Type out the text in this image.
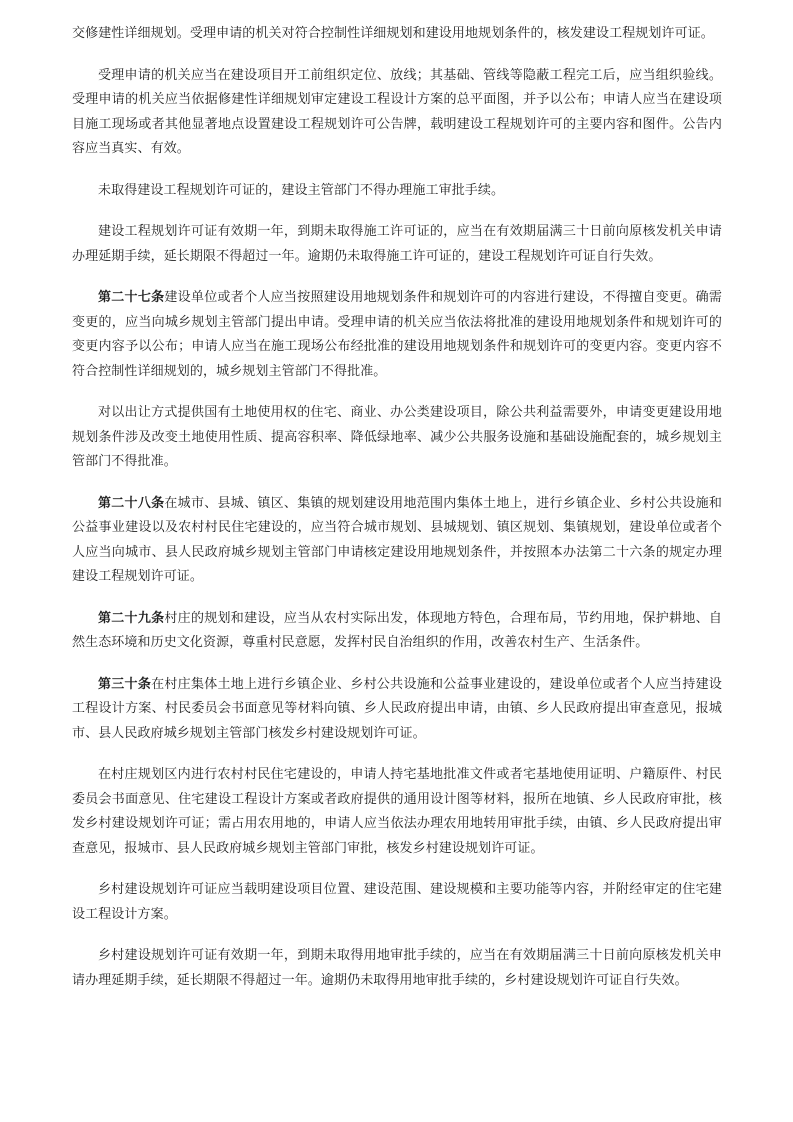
交修建性详细规划。受理申请的机关对符合控制性详细规划和建设用地规划条件的，核发建设工程规划许可证。

受理申请的机关应当在建设项目开工前组织定位、放线；其基础、管线等隐蔽工程完工后，应当组织验线。受理申请的机关应当依据修建性详细规划审定建设工程设计方案的总平面图，并予以公布；申请人应当在建设项目施工现场或者其他显著地点设置建设工程规划许可公告牌，载明建设工程规划许可的主要内容和图件。公告内容应当真实、有效。

未取得建设工程规划许可证的，建设主管部门不得办理施工审批手续。

建设工程规划许可证有效期一年，到期未取得施工许可证的，应当在有效期届满三十日前向原核发机关申请办理延期手续，延长期限不得超过一年。逾期仍未取得施工许可证的，建设工程规划许可证自行失效。

第二十七条建设单位或者个人应当按照建设用地规划条件和规划许可的内容进行建设，不得擅自变更。确需变更的，应当向城乡规划主管部门提出申请。受理申请的机关应当依法将批准的建设用地规划条件和规划许可的变更内容予以公布；申请人应当在施工现场公布经批准的建设用地规划条件和规划许可的变更内容。变更内容不符合控制性详细规划的，城乡规划主管部门不得批准。

对以出让方式提供国有土地使用权的住宅、商业、办公类建设项目，除公共利益需要外，申请变更建设用地规划条件涉及改变土地使用性质、提高容积率、降低绿地率、减少公共服务设施和基础设施配套的，城乡规划主管部门不得批准。

第二十八条在城市、县城、镇区、集镇的规划建设用地范围内集体土地上，进行乡镇企业、乡村公共设施和公益事业建设以及农村村民住宅建设的，应当符合城市规划、县城规划、镇区规划、集镇规划，建设单位或者个人应当向城市、县人民政府城乡规划主管部门申请核定建设用地规划条件，并按照本办法第二十六条的规定办理建设工程规划许可证。

第二十九条村庄的规划和建设，应当从农村实际出发，体现地方特色，合理布局，节约用地，保护耕地、自然生态环境和历史文化资源，尊重村民意愿，发挥村民自治组织的作用，改善农村生产、生活条件。

第三十条在村庄集体土地上进行乡镇企业、乡村公共设施和公益事业建设的，建设单位或者个人应当持建设工程设计方案、村民委员会书面意见等材料向镇、乡人民政府提出申请，由镇、乡人民政府提出审查意见，报城市、县人民政府城乡规划主管部门核发乡村建设规划许可证。

在村庄规划区内进行农村村民住宅建设的，申请人持宅基地批准文件或者宅基地使用证明、户籍原件、村民委员会书面意见、住宅建设工程设计方案或者政府提供的通用设计图等材料，报所在地镇、乡人民政府审批，核发乡村建设规划许可证；需占用农用地的，申请人应当依法办理农用地转用审批手续，由镇、乡人民政府提出审查意见，报城市、县人民政府城乡规划主管部门审批，核发乡村建设规划许可证。

乡村建设规划许可证应当载明建设项目位置、建设范围、建设规模和主要功能等内容，并附经审定的住宅建设工程设计方案。

乡村建设规划许可证有效期一年，到期未取得用地审批手续的，应当在有效期届满三十日前向原核发机关申请办理延期手续，延长期限不得超过一年。逾期仍未取得用地审批手续的，乡村建设规划许可证自行失效。
